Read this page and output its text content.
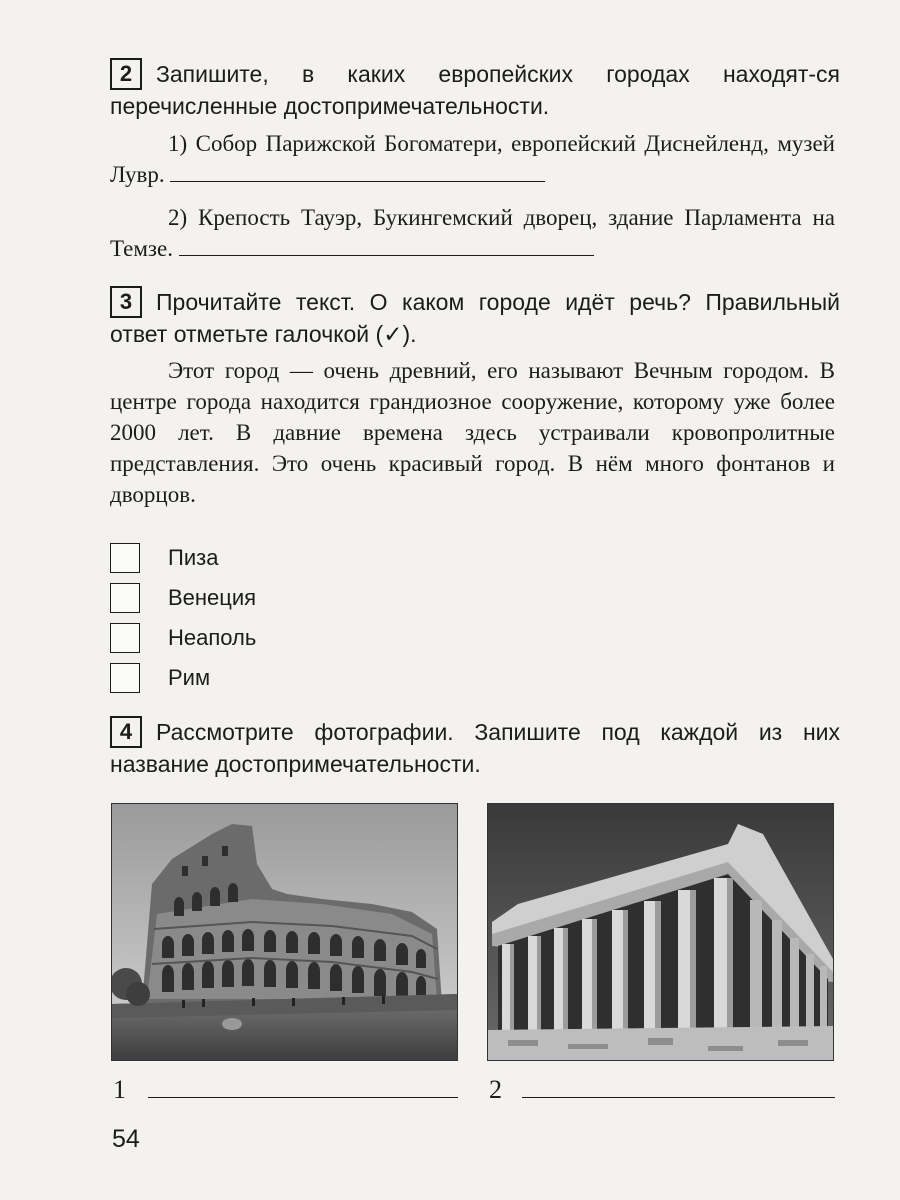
2 Запишите, в каких европейских городах находят-ся перечисленные достопримечательности.
1) Собор Парижской Богоматери, европейский Диснейленд, музей Лувр.
2) Крепость Тауэр, Букингемский дворец, здание Парламента на Темзе.
3 Прочитайте текст. О каком городе идёт речь? Правильный ответ отметьте галочкой (✓).
Этот город — очень древний, его называют Вечным городом. В центре города находится грандиозное сооружение, которому уже более 2000 лет. В давние времена здесь устраивали кровопролитные представления. Это очень красивый город. В нём много фонтанов и дворцов.
Пиза
Венеция
Неаполь
Рим
4 Рассмотрите фотографии. Запишите под каждой из них название достопримечательности.
1	2
54
